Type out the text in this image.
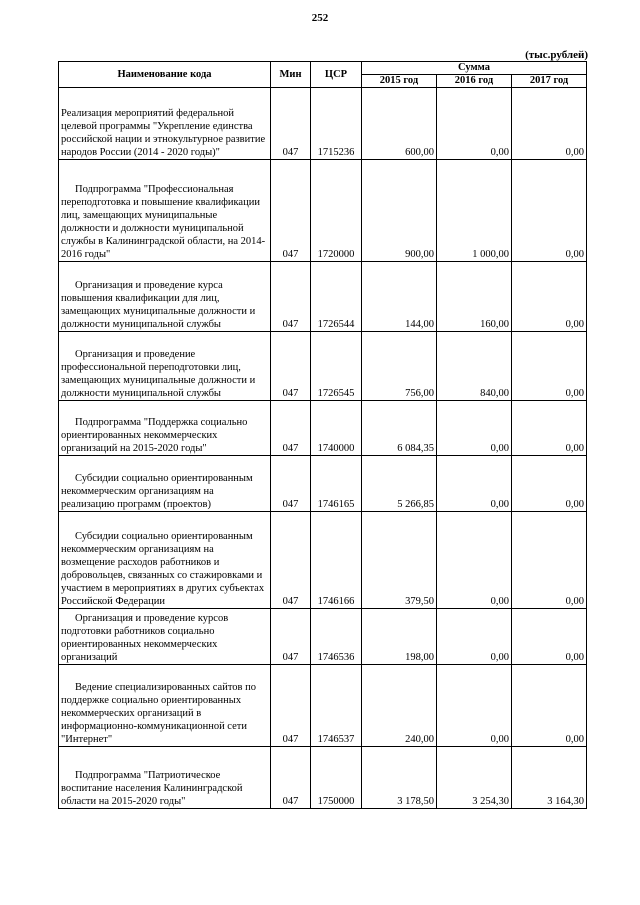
252
(тыс.рублей)
Наименование кода	Мин	ЦСР	Сумма		
			2015 год	2016 год	2017 год
Реализация мероприятий федеральной целевой программы "Укрепление единства российской нации и этнокультурное развитие народов России (2014 - 2020 годы)"	047	1715236	600,00	0,00	0,00
Подпрограмма "Профессиональная переподготовка и повышение квалификации лиц, замещающих муниципальные должности и должности муниципальной службы в Калининградской области, на 2014-2016 годы"	047	1720000	900,00	1 000,00	0,00
Организация и проведение курса повышения квалификации для лиц, замещающих муниципальные должности и должности муниципальной службы	047	1726544	144,00	160,00	0,00
Организация и проведение профессиональной переподготовки лиц, замещающих муниципальные должности и должности муниципальной службы	047	1726545	756,00	840,00	0,00
Подпрограмма "Поддержка социально ориентированных некоммерческих организаций на 2015-2020 годы"	047	1740000	6 084,35	0,00	0,00
Субсидии социально ориентированным некоммерческим организациям на реализацию программ (проектов)	047	1746165	5 266,85	0,00	0,00
Субсидии социально ориентированным некоммерческим организациям на возмещение расходов работников и добровольцев, связанных со стажировками и участием в мероприятиях в других субъектах Российской Федерации	047	1746166	379,50	0,00	0,00
Организация и проведение курсов подготовки работников социально ориентированных некоммерческих организаций	047	1746536	198,00	0,00	0,00
Ведение специализированных сайтов по поддержке социально ориентированных некоммерческих организаций в информационно-коммуникационной сети "Интернет"	047	1746537	240,00	0,00	0,00
Подпрограмма "Патриотическое воспитание населения Калининградской области на 2015-2020 годы"	047	1750000	3 178,50	3 254,30	3 164,30
